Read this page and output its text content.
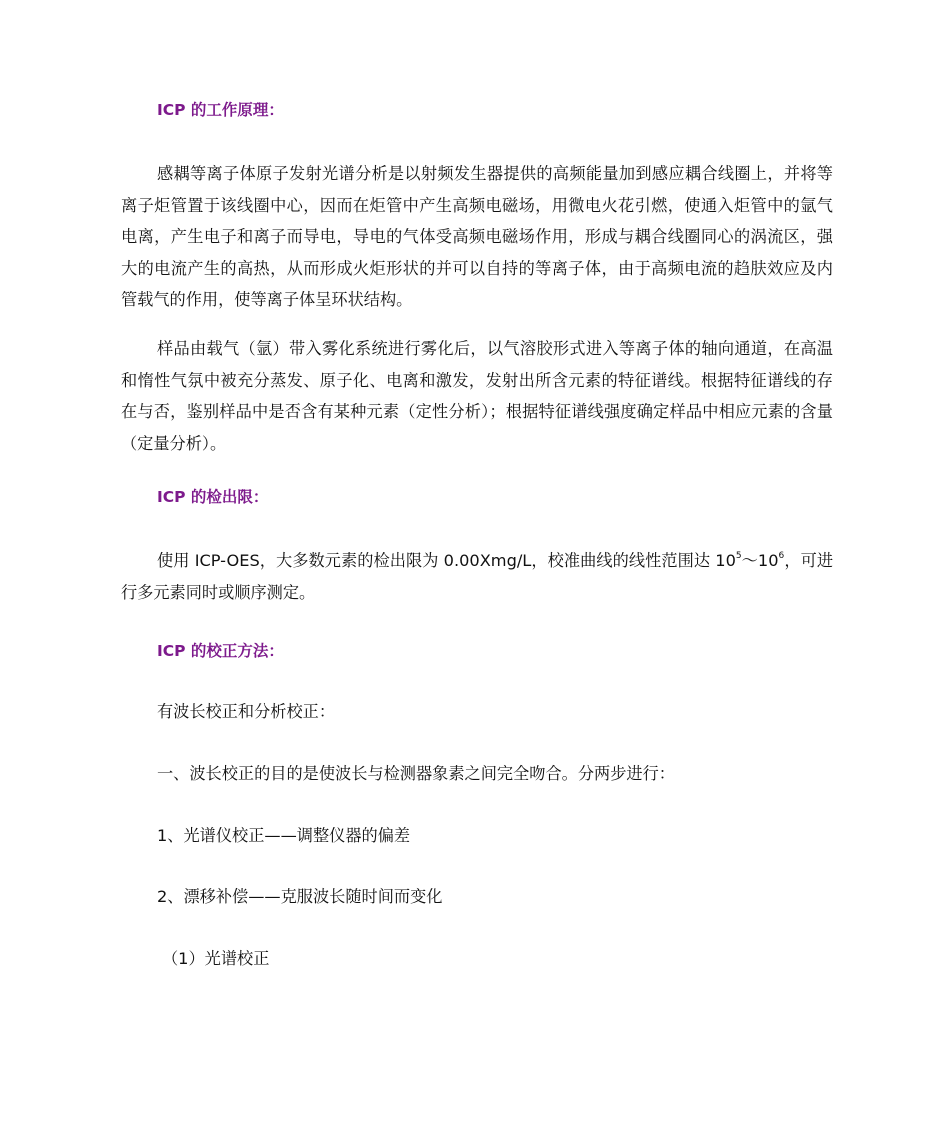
ICP 的工作原理：

感耦等离子体原子发射光谱分析是以射频发生器提供的高频能量加到感应耦合线圈上，并将等离子炬管置于该线圈中心，因而在炬管中产生高频电磁场，用微电火花引燃，使通入炬管中的氩气电离，产生电子和离子而导电，导电的气体受高频电磁场作用，形成与耦合线圈同心的涡流区，强大的电流产生的高热，从而形成火炬形状的并可以自持的等离子体，由于高频电流的趋肤效应及内管载气的作用，使等离子体呈环状结构。

样品由载气（氩）带入雾化系统进行雾化后，以气溶胶形式进入等离子体的轴向通道，在高温和惰性气氛中被充分蒸发、原子化、电离和激发，发射出所含元素的特征谱线。根据特征谱线的存在与否，鉴别样品中是否含有某种元素（定性分析）；根据特征谱线强度确定样品中相应元素的含量（定量分析）。

ICP 的检出限：

使用 ICP-OES，大多数元素的检出限为 0.00Xmg/L，校准曲线的线性范围达 $10^5\sim 10^6$，可进行多元素同时或顺序测定。

ICP 的校正方法：
有波长校正和分析校正：
一、波长校正的目的是使波长与检测器象素之间完全吻合。分两步进行：
1、光谱仪校正——调整仪器的偏差
2、漂移补偿——克服波长随时间而变化
（1）光谱校正
